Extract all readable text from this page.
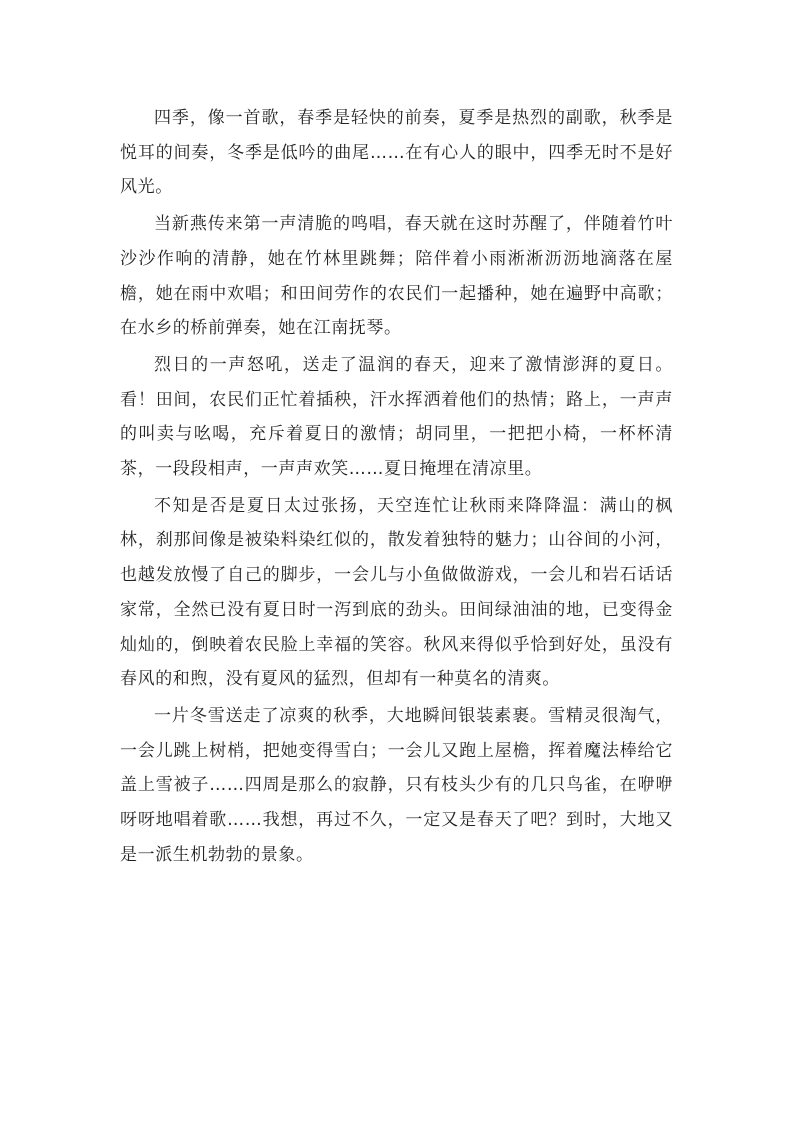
四季，像一首歌，春季是轻快的前奏，夏季是热烈的副歌，秋季是悦耳的间奏，冬季是低吟的曲尾……在有心人的眼中，四季无时不是好风光。

当新燕传来第一声清脆的鸣唱，春天就在这时苏醒了，伴随着竹叶沙沙作响的清静，她在竹林里跳舞；陪伴着小雨淅淅沥沥地滴落在屋檐，她在雨中欢唱；和田间劳作的农民们一起播种，她在遍野中高歌；在水乡的桥前弹奏，她在江南抚琴。

烈日的一声怒吼，送走了温润的春天，迎来了激情澎湃的夏日。看！田间，农民们正忙着插秧，汗水挥洒着他们的热情；路上，一声声的叫卖与吆喝，充斥着夏日的激情；胡同里，一把把小椅，一杯杯清茶，一段段相声，一声声欢笑……夏日掩埋在清凉里。

不知是否是夏日太过张扬，天空连忙让秋雨来降降温：满山的枫林，刹那间像是被染料染红似的，散发着独特的魅力；山谷间的小河，也越发放慢了自己的脚步，一会儿与小鱼做做游戏，一会儿和岩石话话家常，全然已没有夏日时一泻到底的劲头。田间绿油油的地，已变得金灿灿的，倒映着农民脸上幸福的笑容。秋风来得似乎恰到好处，虽没有春风的和煦，没有夏风的猛烈，但却有一种莫名的清爽。

一片冬雪送走了凉爽的秋季，大地瞬间银装素裹。雪精灵很淘气，一会儿跳上树梢，把她变得雪白；一会儿又跑上屋檐，挥着魔法棒给它盖上雪被子……四周是那么的寂静，只有枝头少有的几只鸟雀，在咿咿呀呀地唱着歌……我想，再过不久，一定又是春天了吧？到时，大地又是一派生机勃勃的景象。
